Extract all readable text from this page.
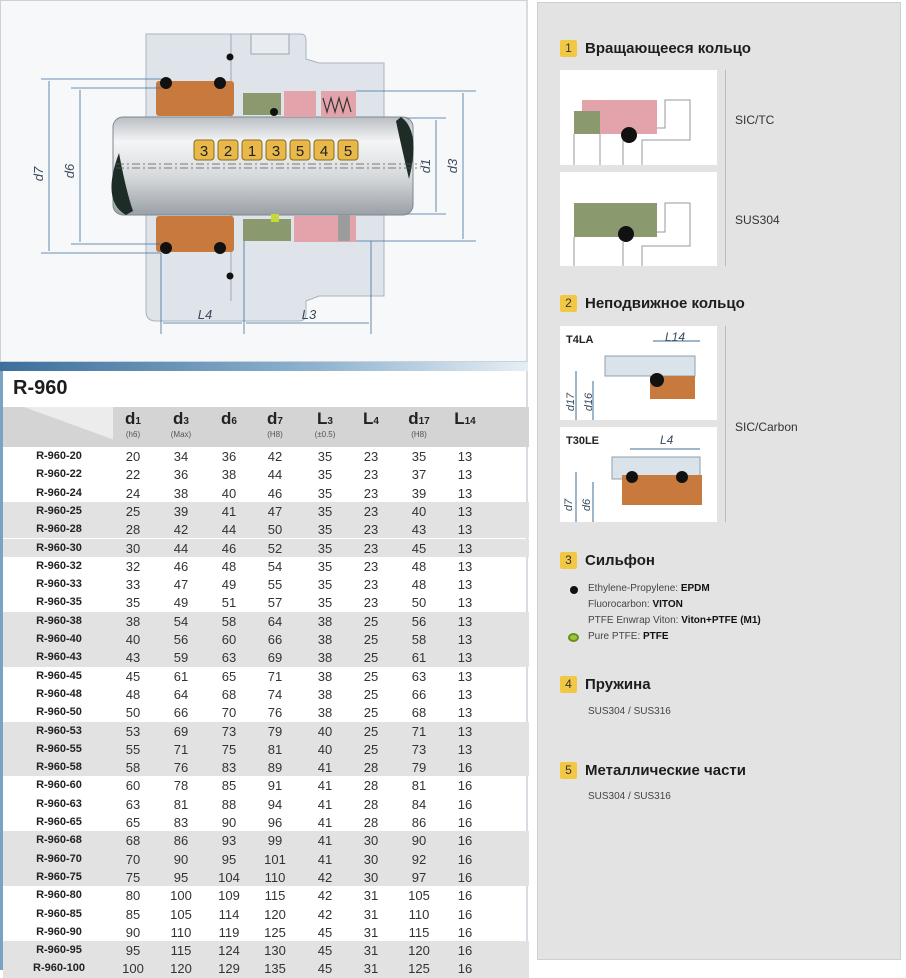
3 2 1 3 5 4 5
d7 d6	d1 d3
L4	L3
R-960
d1
(h6)
d3
(Max)
d6	d7
(H8)
L3
(±0.5)
L4	d17
(H8)
L14
R-960-20	20	34	36	42	35	23	35	13
R-960-22	22	36	38	44	35	23	37	13
R-960-24	24	38	40	46	35	23	39	13
R-960-25	25	39	41	47	35	23	40	13
R-960-28	28	42	44	50	35	23	43	13
R-960-30	30	44	46	52	35	23	45	13
R-960-32	32	46	48	54	35	23	48	13
R-960-33	33	47	49	55	35	23	48	13
R-960-35	35	49	51	57	35	23	50	13
R-960-38	38	54	58	64	38	25	56	13
R-960-40	40	56	60	66	38	25	58	13
R-960-43	43	59	63	69	38	25	61	13
R-960-45	45	61	65	71	38	25	63	13
R-960-48	48	64	68	74	38	25	66	13
R-960-50	50	66	70	76	38	25	68	13
R-960-53	53	69	73	79	40	25	71	13
R-960-55	55	71	75	81	40	25	73	13
R-960-58	58	76	83	89	41	28	79	16
R-960-60	60	78	85	91	41	28	81	16
R-960-63	63	81	88	94	41	28	84	16
R-960-65	65	83	90	96	41	28	86	16
R-960-68	68	86	93	99	41	30	90	16
R-960-70	70	90	95	101	41	30	92	16
R-960-75	75	95	104	110	42	30	97	16
R-960-80	80	100	109	115	42	31	105	16
R-960-85	85	105	114	120	42	31	110	16
R-960-90	90	110	119	125	45	31	115	16
R-960-95	95	115	124	130	45	31	120	16
R-960-100	100	120	129	135	45	31	125	16
1 Вращающееся кольцо
SIC/TC
SUS304
2 Неподвижное кольцо
T4LA	L14
d17 d16
T30LE	L4
d7 d6
SIC/Carbon
3 Сильфон
Ethylene-Propylene: EPDM
Fluorocarbon: VITON
PTFE Enwrap Viton: Viton+PTFE (M1)
Pure PTFE: PTFE
4 Пружина
SUS304 / SUS316
5 Металлические части
SUS304 / SUS316
